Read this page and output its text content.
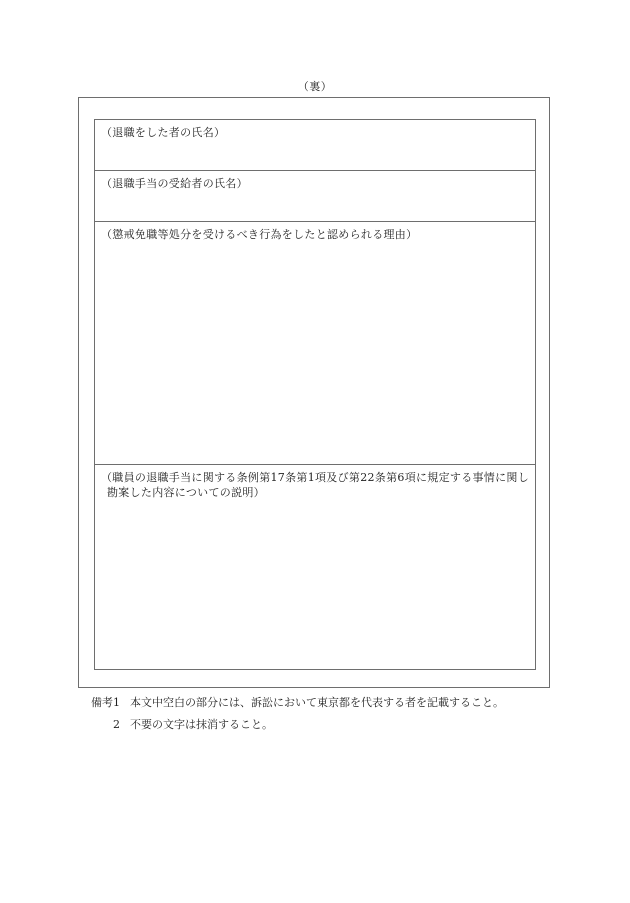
（裏）
（退職をした者の氏名）
（退職手当の受給者の氏名）
（懲戒免職等処分を受けるべき行為をしたと認められる理由）
（職員の退職手当に関する条例第17条第1項及び第22条第6項に規定する事情に関し
勘案した内容についての説明）
備考1 本文中空白の部分には、訴訟において東京都を代表する者を記載すること。
2 不要の文字は抹消すること。
